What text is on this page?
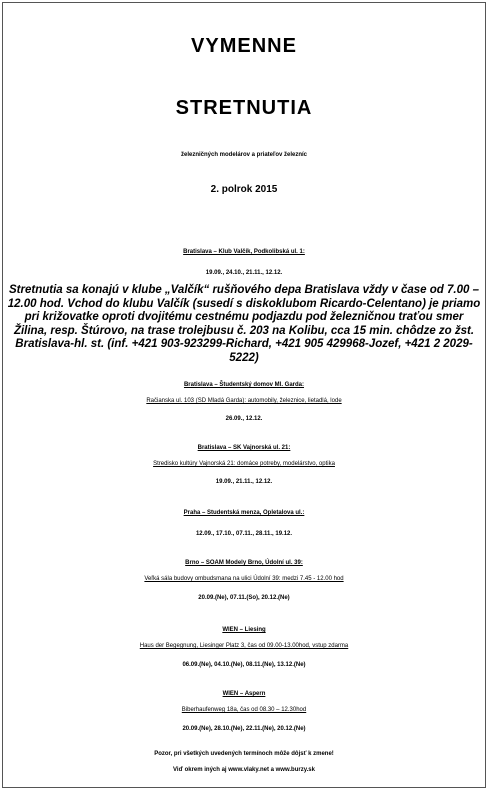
VYMENNE
STRETNUTIA
železničných modelárov a priateľov železníc
2. polrok 2015
Bratislava – Klub Valčík, Podkolibská ul. 1:
19.09., 24.10., 21.11., 12.12.
Stretnutia sa konajú v klube „Valčík“ rušňového depa Bratislava vždy v čase od 7.00 – 12.00 hod. Vchod do klubu Valčík (susedí s diskoklubom Ricardo-Celentano) je priamo pri križovatke oproti dvojitému cestnému podjazdu pod železničnou traťou smer Žilina, resp. Štúrovo, na trase trolejbusu č. 203 na Kolibu, cca 15 min. chôdze zo žst. Bratislava-hl. st. (inf. +421 903-923299-Richard, +421 905 429968-Jozef, +421 2 2029-5222)
Bratislava – Študentský domov Ml. Garda:
Račianska ul. 103 (SD Mladá Garda): automobily, železnice, lietadlá, lode
26.09., 12.12.
Bratislava – SK Vajnorská ul. 21:
Stredisko kultúry Vajnorská 21: domáce potreby, modelárstvo, optika
19.09., 21.11., 12.12.
Praha – Studentská menza, Opletalova ul.:
12.09., 17.10., 07.11., 28.11., 19.12.
Brno – SOAM Modely Brno, Údolní ul. 39:
Veľká sála budovy ombudsmana na ulici Údolní 39: medzi 7.45 - 12.00 hod
20.09.(Ne), 07.11.(So), 20.12.(Ne)
WIEN – Liesing
Haus der Begegnung, Liesinger Platz 3, čas od 09.00-13.00hod, vstup zdarma
06.09.(Ne), 04.10.(Ne), 08.11.(Ne), 13.12.(Ne)
WIEN – Aspern
Biberhaufenweg 18a, čas od 08.30 – 12.30hod
20.09.(Ne), 28.10.(Ne), 22.11.(Ne), 20.12.(Ne)
Pozor, pri všetkých uvedených termínoch môže dôjsť k zmene!
Viď okrem iných aj www.vlaky.net a www.burzy.sk
